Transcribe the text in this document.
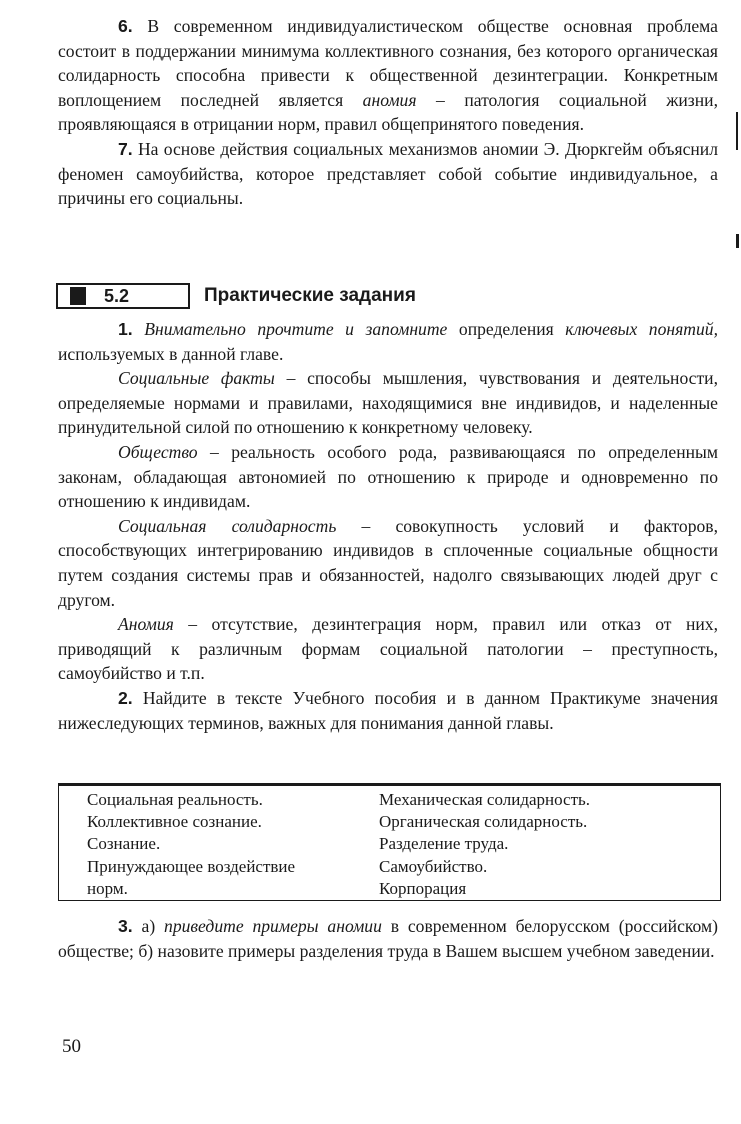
6. В современном индивидуалистическом обществе основная проблема состоит в поддержании минимума коллективного сознания, без которого органическая солидарность способна привести к общественной дезинтеграции. Конкретным воплощением последней является аномия – патология социальной жизни, проявляющаяся в отрицании норм, правил общепринятого поведения.

7. На основе действия социальных механизмов аномии Э. Дюркгейм объяснил феномен самоубийства, которое представляет собой событие индивидуальное, а причины его социальны.

5.2	Практические задания

1. Внимательно прочтите и запомните определения ключевых понятий, используемых в данной главе.

Социальные факты – способы мышления, чувствования и деятельности, определяемые нормами и правилами, находящимися вне индивидов, и наделенные принудительной силой по отношению к конкретному человеку.

Общество – реальность особого рода, развивающаяся по определенным законам, обладающая автономией по отношению к природе и одновременно по отношению к индивидам.

Социальная солидарность – совокупность условий и факторов, способствующих интегрированию индивидов в сплоченные социальные общности путем создания системы прав и обязанностей, надолго связывающих людей друг с другом.

Аномия – отсутствие, дезинтеграция норм, правил или отказ от них, приводящий к различным формам социальной патологии – преступность, самоубийство и т.п.

2. Найдите в тексте Учебного пособия и в данном Практикуме значения нижеследующих терминов, важных для понимания данной главы.

Социальная реальность.
Коллективное сознание.
Сознание.
Принуждающее воздействие
норм.
Механическая солидарность.
Органическая солидарность.
Разделение труда.
Самоубийство.
Корпорация

3. а) приведите примеры аномии в современном белорусском (российском) обществе; б) назовите примеры разделения труда в Вашем высшем учебном заведении.

50
